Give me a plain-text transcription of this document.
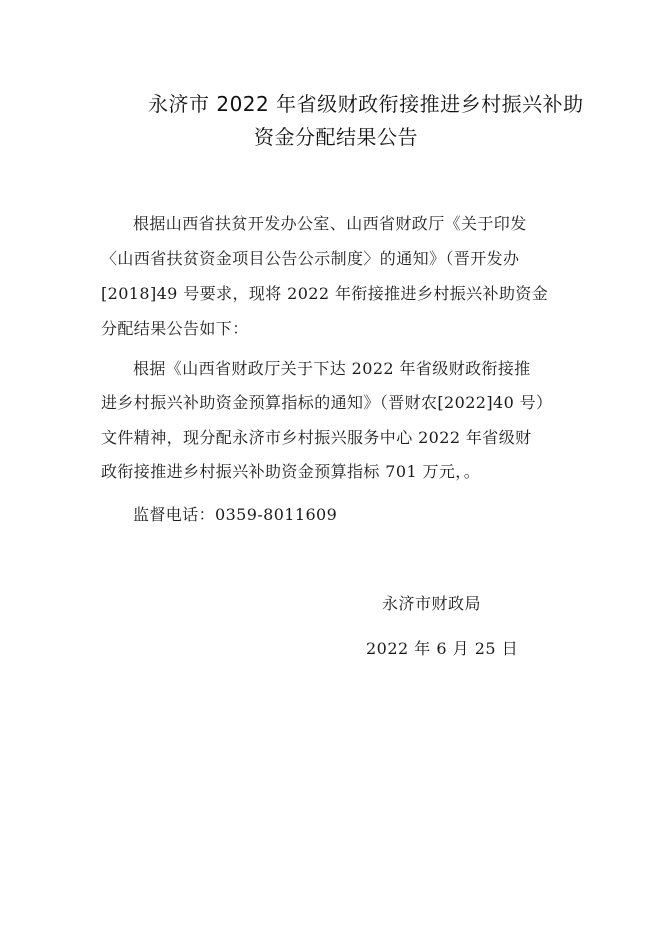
永济市 2022 年省级财政衔接推进乡村振兴补助
资金分配结果公告
根据山西省扶贫开发办公室、山西省财政厅《关于印发
〈山西省扶贫资金项目公告公示制度〉的通知》（晋开发办
[2018]49 号要求，现将 2022 年衔接推进乡村振兴补助资金
分配结果公告如下：
根据《山西省财政厅关于下达 2022 年省级财政衔接推
进乡村振兴补助资金预算指标的通知》（晋财农[2022]40 号）
文件精神，现分配永济市乡村振兴服务中心 2022 年省级财
政衔接推进乡村振兴补助资金预算指标 701 万元，。
监督电话：0359-8011609
永济市财政局
2022 年 6 月 25 日
